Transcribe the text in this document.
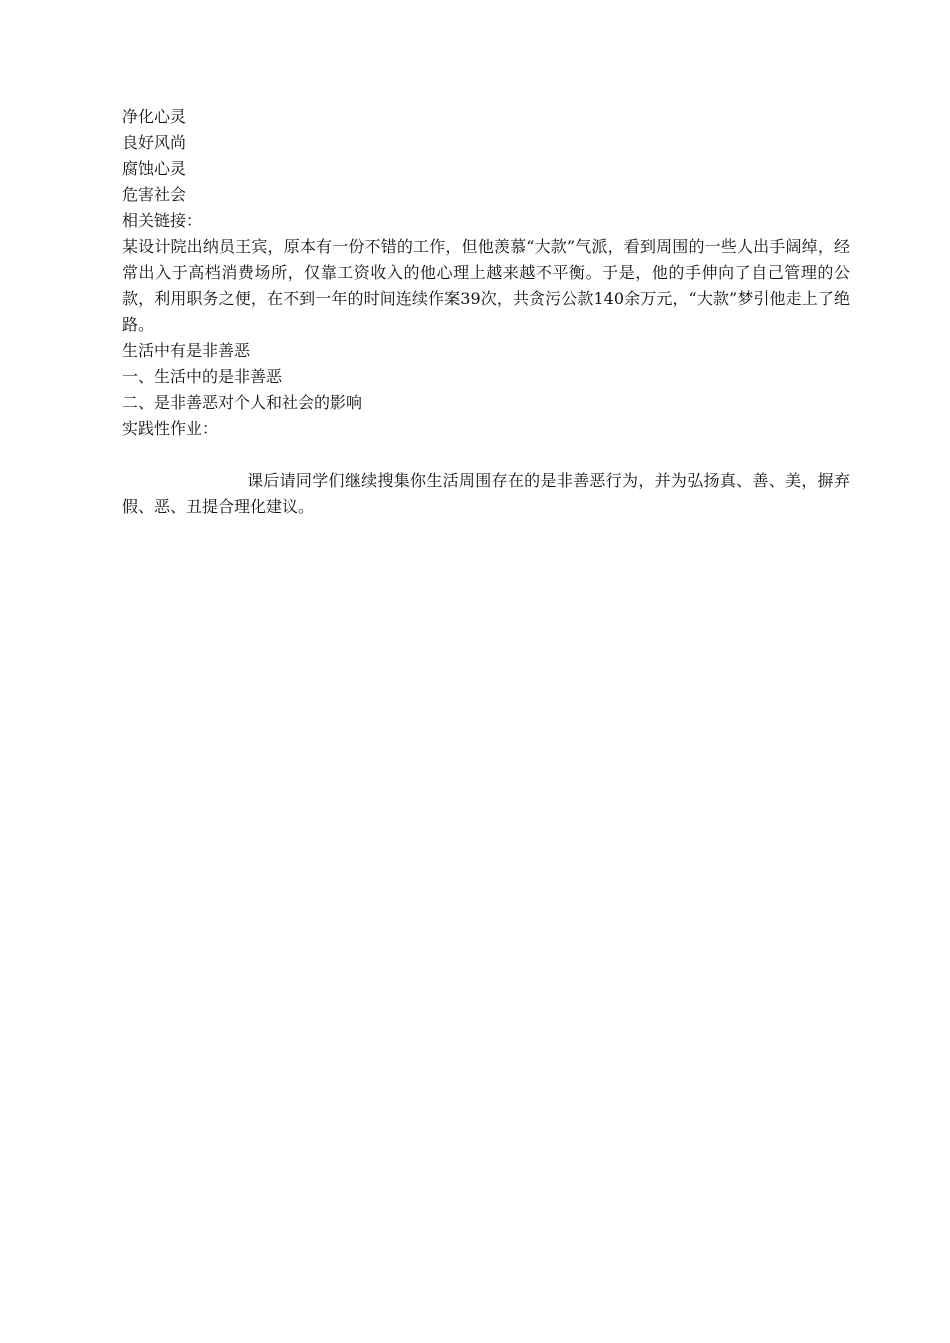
净化心灵
良好风尚
腐蚀心灵
危害社会
相关链接：
某设计院出纳员王宾，原本有一份不错的工作，但他羡慕“大款”气派，看到周围的一些人出手阔绰，经常出入于高档消费场所，仅靠工资收入的他心理上越来越不平衡。于是，他的手伸向了自己管理的公款，利用职务之便，在不到一年的时间连续作案39次，共贪污公款140余万元，“大款”梦引他走上了绝路。
生活中有是非善恶
一、生活中的是非善恶
二、是非善恶对个人和社会的影响
实践性作业：
课后请同学们继续搜集你生活周围存在的是非善恶行为，并为弘扬真、善、美，摒弃假、恶、丑提合理化建议。
